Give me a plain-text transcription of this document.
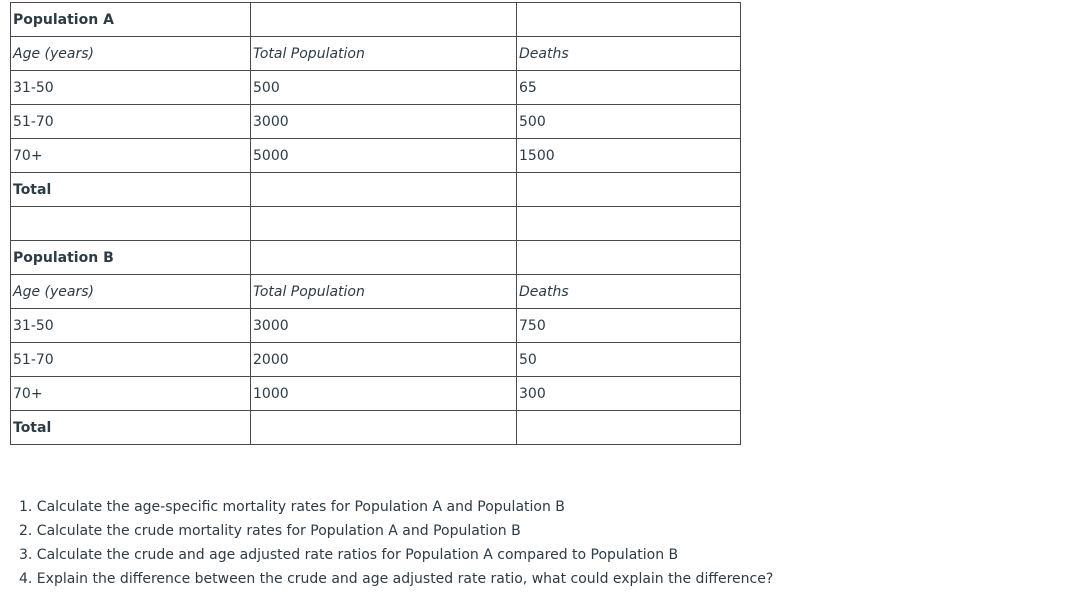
Population A		
Age (years)	Total Population	Deaths
31-50	500	65
51-70	3000	500
70+	5000	1500
Total		

Population B		
Age (years)	Total Population	Deaths
31-50	3000	750
51-70	2000	50
70+	1000	300
Total		
1. Calculate the age-specific mortality rates for Population A and Population B
2. Calculate the crude mortality rates for Population A and Population B
3. Calculate the crude and age adjusted rate ratios for Population A compared to Population B
4. Explain the difference between the crude and age adjusted rate ratio, what could explain the difference?
